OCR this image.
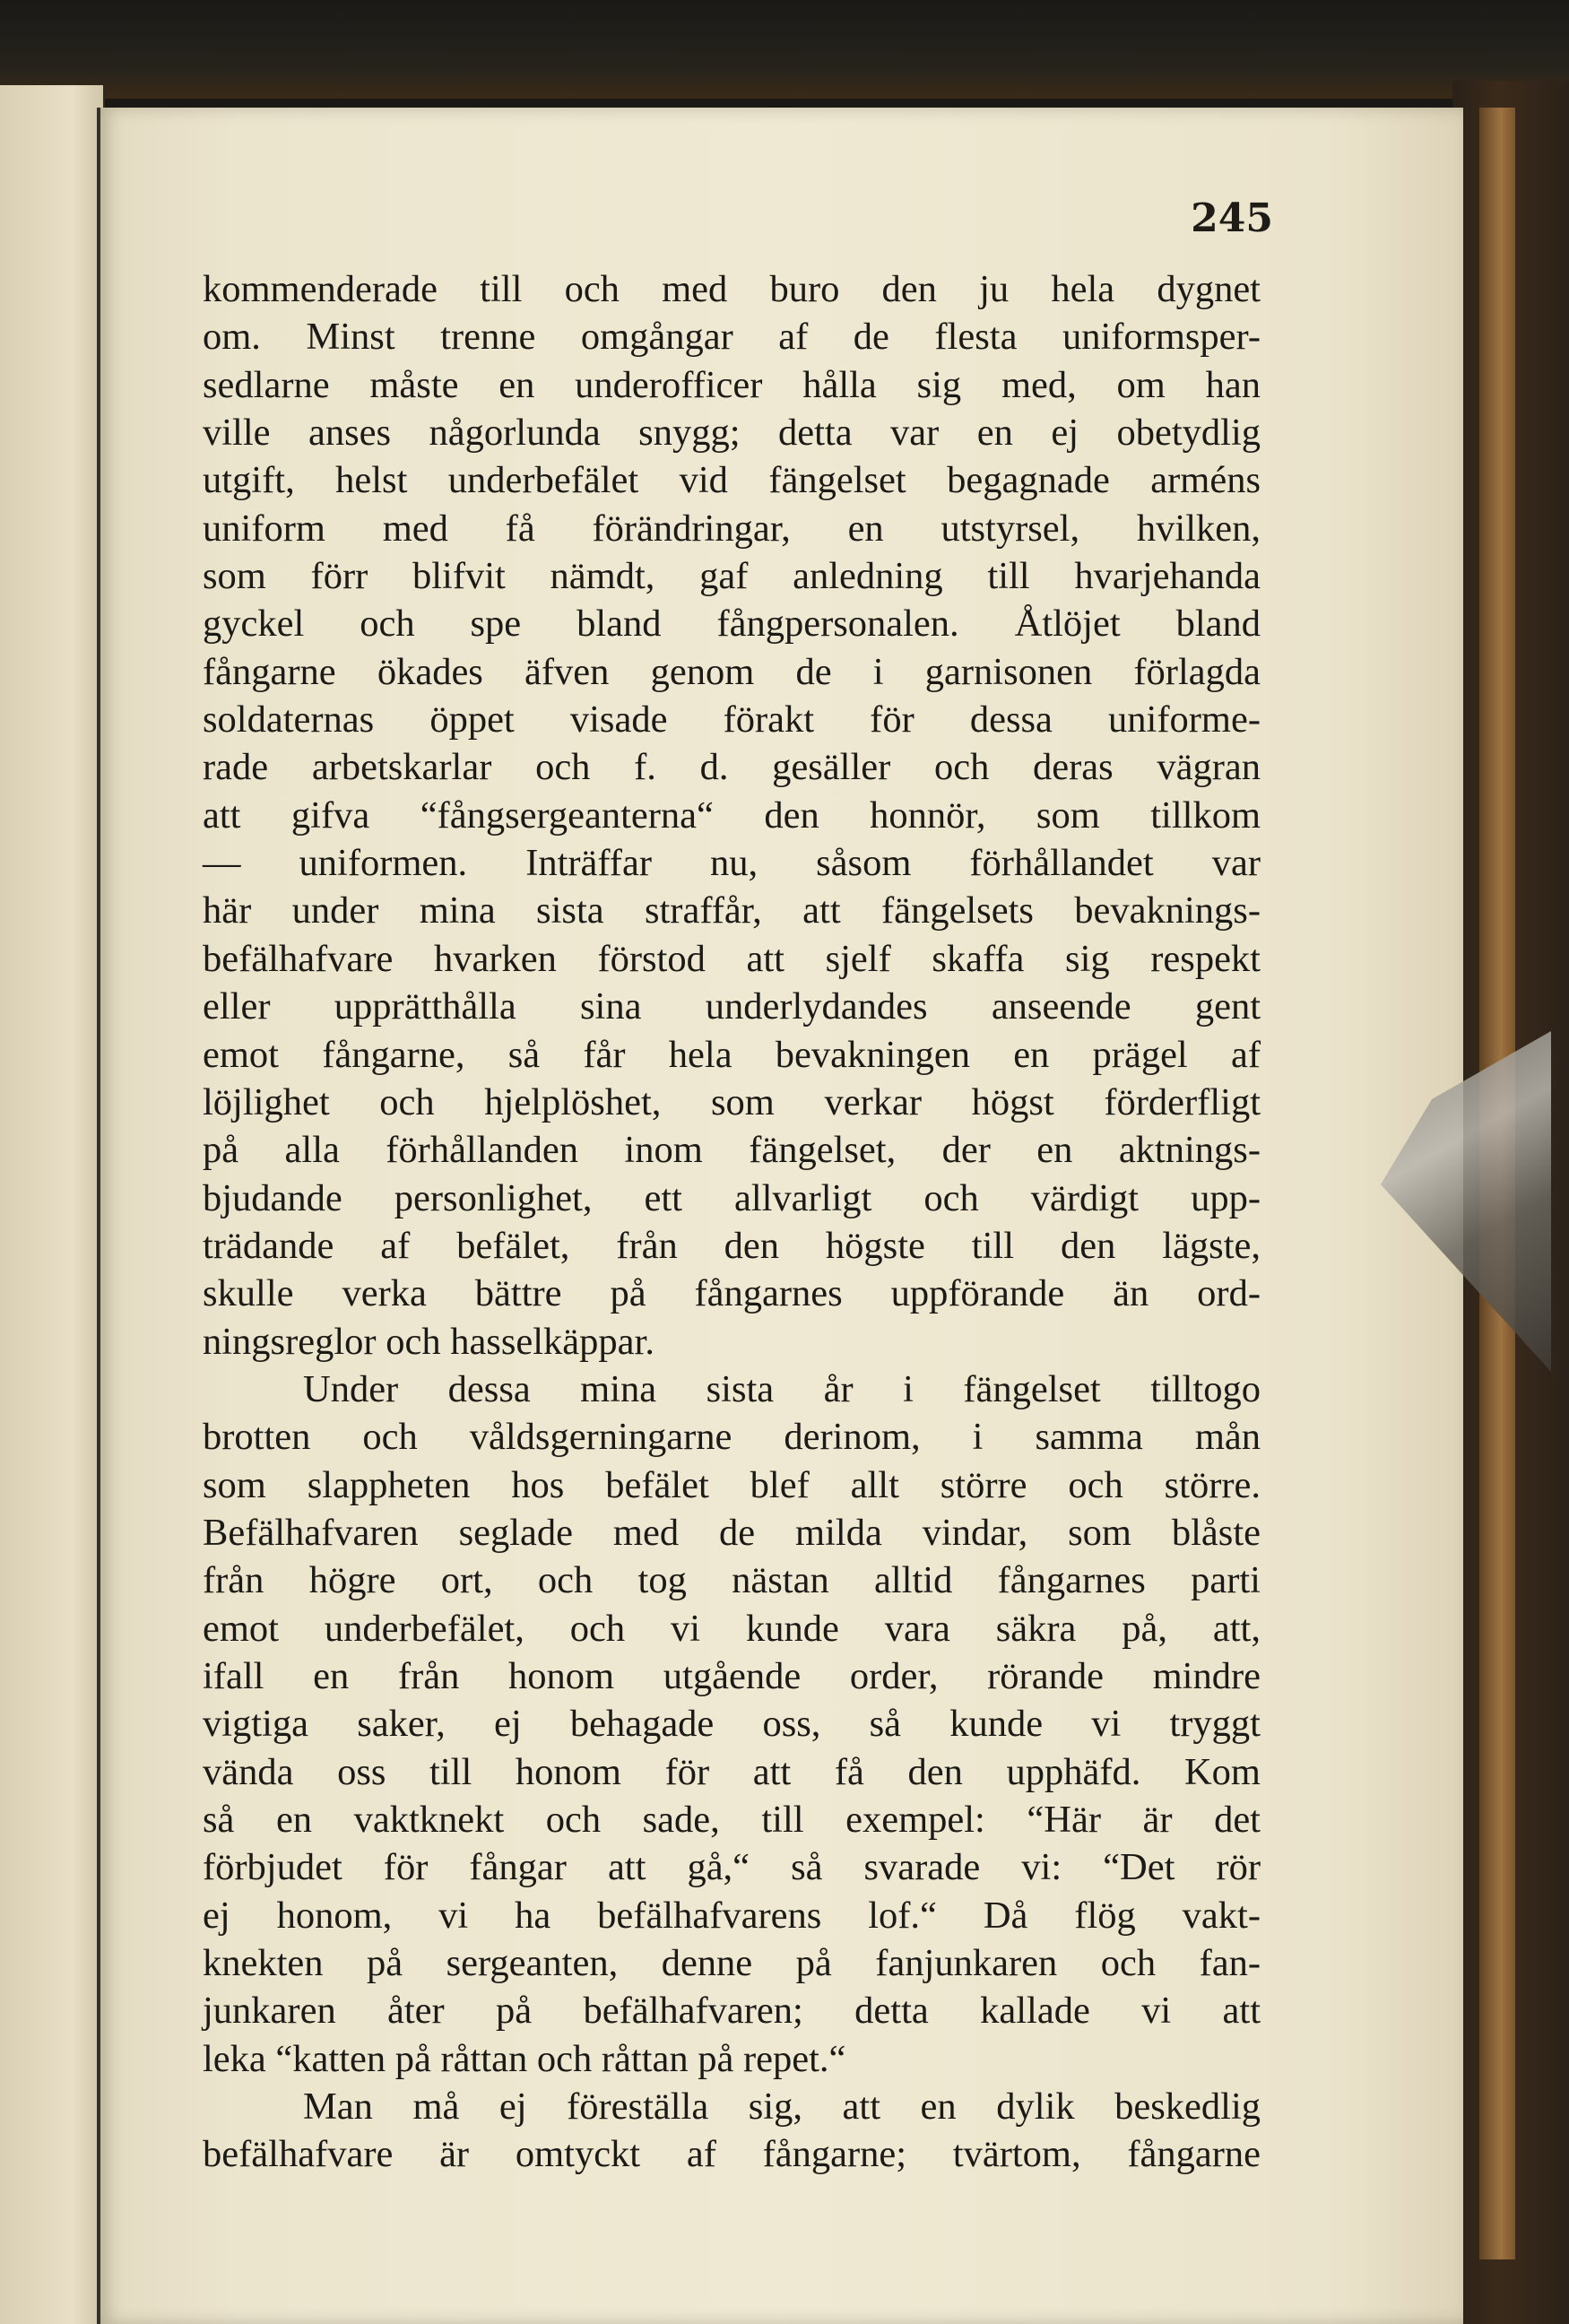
245
kommenderade till och med buro den ju hela dygnet
om. Minst trenne omgångar af de flesta uniformsper-
sedlarne måste en underofficer hålla sig med, om han
ville anses någorlunda snygg; detta var en ej obetydlig
utgift, helst underbefälet vid fängelset begagnade arméns
uniform med få förändringar, en utstyrsel, hvilken,
som förr blifvit nämdt, gaf anledning till hvarjehanda
gyckel och spe bland fångpersonalen. Åtlöjet bland
fångarne ökades äfven genom de i garnisonen förlagda
soldaternas öppet visade förakt för dessa uniforme-
rade arbetskarlar och f. d. gesäller och deras vägran
att gifva “fångsergeanterna“ den honnör, som tillkom
— uniformen. Inträffar nu, såsom förhållandet var
här under mina sista straffår, att fängelsets bevaknings-
befälhafvare hvarken förstod att sjelf skaffa sig respekt
eller upprätthålla sina underlydandes anseende gent
emot fångarne, så får hela bevakningen en prägel af
löjlighet och hjelplöshet, som verkar högst förderfligt
på alla förhållanden inom fängelset, der en aktnings-
bjudande personlighet, ett allvarligt och värdigt upp-
trädande af befälet, från den högste till den lägste,
skulle verka bättre på fångarnes uppförande än ord-
ningsreglor och hasselkäppar.
Under dessa mina sista år i fängelset tilltogo
brotten och våldsgerningarne derinom, i samma mån
som slappheten hos befälet blef allt större och större.
Befälhafvaren seglade med de milda vindar, som blåste
från högre ort, och tog nästan alltid fångarnes parti
emot underbefälet, och vi kunde vara säkra på, att,
ifall en från honom utgående order, rörande mindre
vigtiga saker, ej behagade oss, så kunde vi tryggt
vända oss till honom för att få den upphäfd. Kom
så en vaktknekt och sade, till exempel: “Här är det
förbjudet för fångar att gå,“ så svarade vi: “Det rör
ej honom, vi ha befälhafvarens lof.“ Då flög vakt-
knekten på sergeanten, denne på fanjunkaren och fan-
junkaren åter på befälhafvaren; detta kallade vi att
leka “katten på råttan och råttan på repet.“
Man må ej föreställa sig, att en dylik beskedlig
befälhafvare är omtyckt af fångarne; tvärtom, fångarne
